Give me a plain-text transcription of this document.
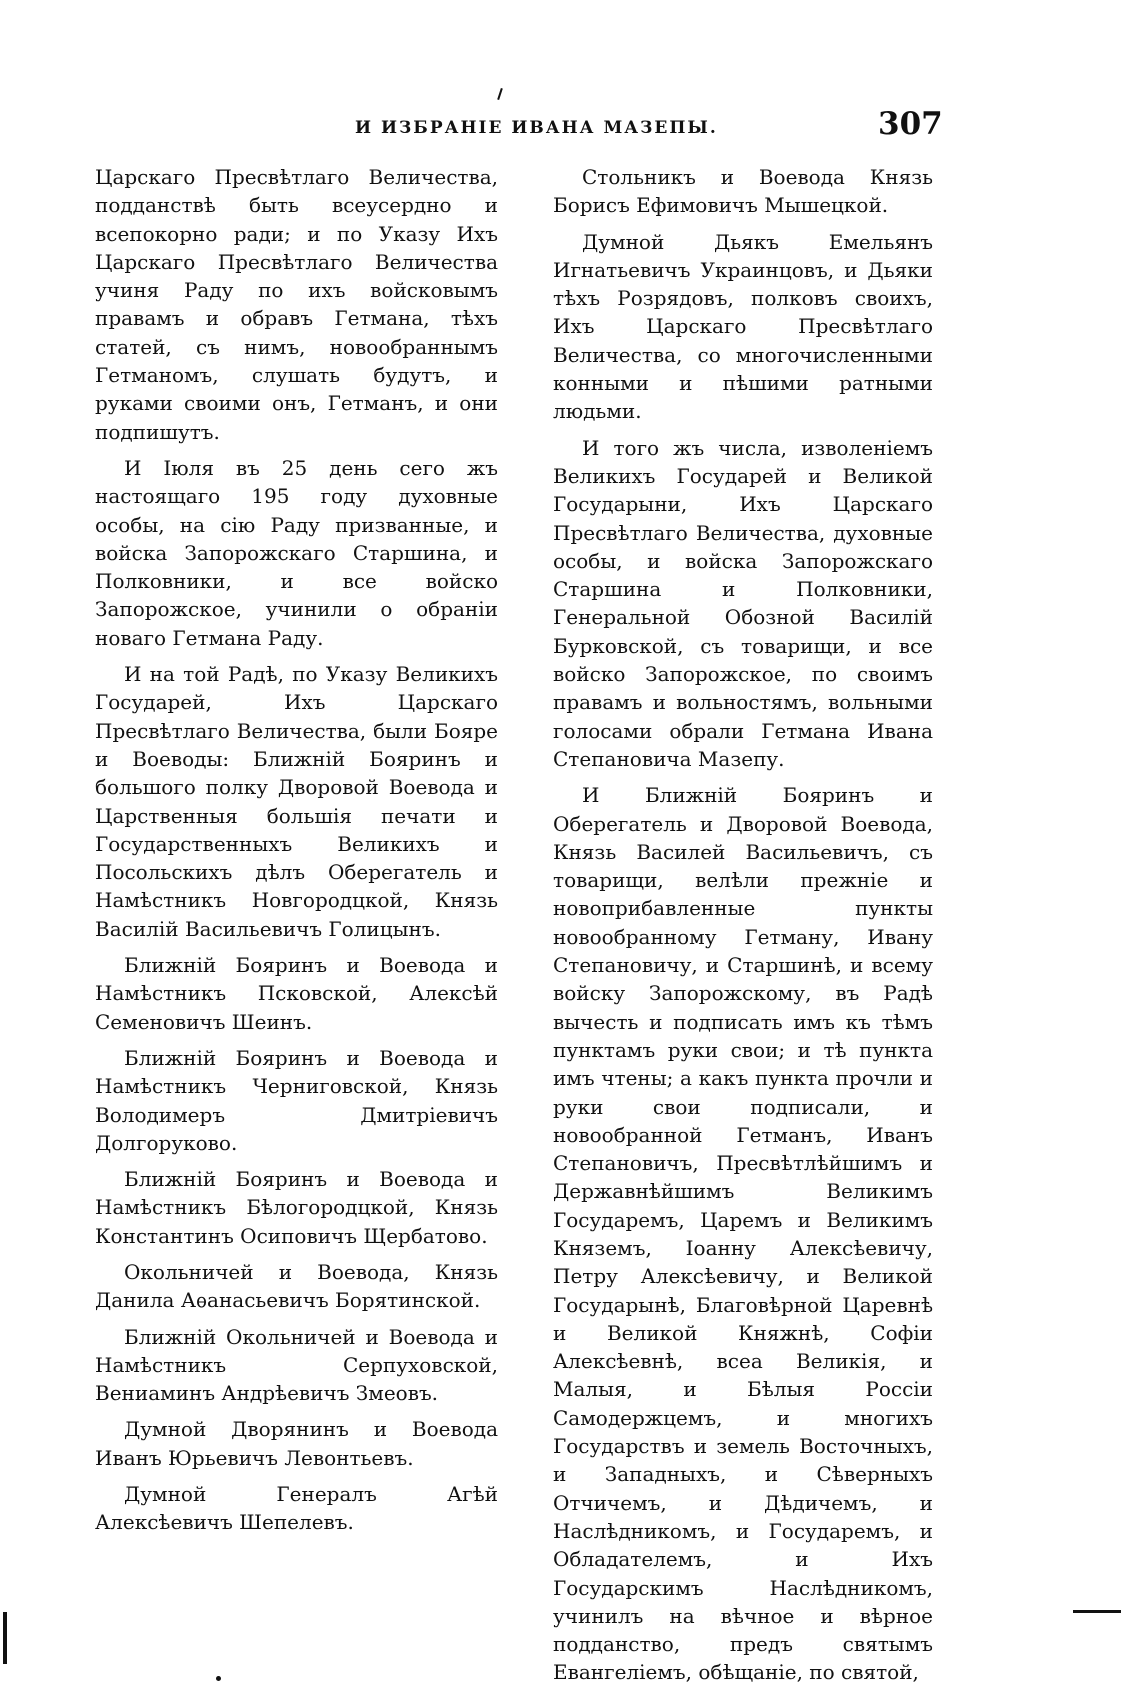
И ИЗБРАНІЕ ИВАНА МАЗЕПЫ.	307

Царскаго Пресвѣтлаго Величества, подданствѣ быть всеусердно и всепокорно ради; и по Указу Ихъ Царскаго Пресвѣтлаго Величества учиня Раду по ихъ войсковымъ правамъ и обравъ Гетмана, тѣхъ статей, съ нимъ, новообраннымъ Гетманомъ, слушать будутъ, и руками своими онъ, Гетманъ, и они подпишутъ.

И Іюля въ 25 день сего жъ настоящаго 195 году духовные особы, на сію Раду призванные, и войска Запорожскаго Старшина, и Полковники, и все войско Запорожское, учинили о обраніи новаго Гетмана Раду.

И на той Радѣ, по Указу Великихъ Государей, Ихъ Царскаго Пресвѣтлаго Величества, были Бояре и Воеводы: Ближній Бояринъ и большого полку Дворовой Воевода и Царственныя большія печати и Государственныхъ Великихъ и Посольскихъ дѣлъ Оберегатель и Намѣстникъ Новгородцкой, Князь Василій Васильевичъ Голицынъ.

Ближній Бояринъ и Воевода и Намѣстникъ Псковской, Алексѣй Семеновичъ Шеинъ.

Ближній Бояринъ и Воевода и Намѣстникъ Черниговской, Князь Володимеръ Дмитріевичъ Долгоруково.

Ближній Бояринъ и Воевода и Намѣстникъ Бѣлогородцкой, Князь Константинъ Осиповичъ Щербатово.

Окольничей и Воевода, Князь Данила Аѳанасьевичъ Борятинской.

Ближній Окольничей и Воевода и Намѣстникъ Серпуховской, Вениаминъ Андрѣевичъ Змеовъ.

Думной Дворянинъ и Воевода Иванъ Юрьевичъ Левонтьевъ.

Думной Генералъ Агѣй Алексѣевичъ Шепелевъ.

Стольникъ и Воевода Князь Борисъ Ефимовичъ Мышецкой.

Думной Дьякъ Емельянъ Игнатьевичъ Украинцовъ, и Дьяки тѣхъ Розрядовъ, полковъ своихъ, Ихъ Царскаго Пресвѣтлаго Величества, со многочисленными конными и пѣшими ратными людьми.

И того жъ числа, изволеніемъ Великихъ Государей и Великой Государыни, Ихъ Царскаго Пресвѣтлаго Величества, духовные особы, и войска Запорожскаго Старшина и Полковники, Генеральной Обозной Василій Бурковской, съ товарищи, и все войско Запорожское, по своимъ правамъ и вольностямъ, вольными голосами обрали Гетмана Ивана Степановича Мазепу.

И Ближній Бояринъ и Оберегатель и Дворовой Воевода, Князь Василей Васильевичъ, съ товарищи, велѣли прежніе и новоприбавленные пункты новообранному Гетману, Ивану Степановичу, и Старшинѣ, и всему войску Запорожскому, въ Радѣ вычесть и подписать имъ къ тѣмъ пунктамъ руки свои; и тѣ пункта имъ чтены; а какъ пункта прочли и руки свои подписали, и новообранной Гетманъ, Иванъ Степановичъ, Пресвѣтлѣйшимъ и Державнѣйшимъ Великимъ Государемъ, Царемъ и Великимъ Княземъ, Іоанну Алексѣевичу, Петру Алексѣевичу, и Великой Государынѣ, Благовѣрной Царевнѣ и Великой Княжнѣ, Софіи Алексѣевнѣ, всеа Великія, и Малыя, и Бѣлыя Россіи Самодержцемъ, и многихъ Государствъ и земель Восточныхъ, и Западныхъ, и Сѣверныхъ Отчичемъ, и Дѣдичемъ, и Наслѣдникомъ, и Государемъ, и Обладателемъ, и Ихъ Государскимъ Наслѣдникомъ, учинилъ на вѣчное и вѣрное подданство, предъ святымъ Евангеліемъ, обѣщаніе, по святой,
